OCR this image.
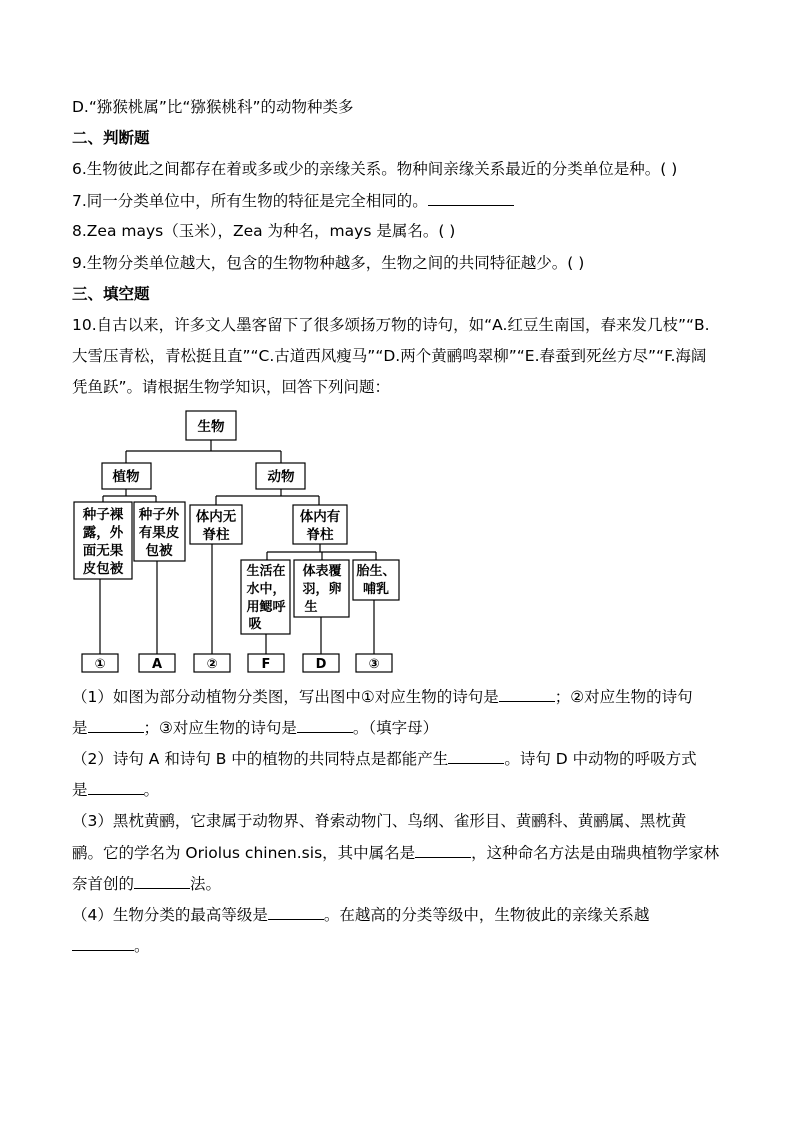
D.“猕猴桃属”比“猕猴桃科”的动物种类多
二、判断题
6.生物彼此之间都存在着或多或少的亲缘关系。物种间亲缘关系最近的分类单位是种。( )
7.同一分类单位中，所有生物的特征是完全相同的。
8.Zea mays（玉米），Zea 为种名，mays 是属名。( )
9.生物分类单位越大，包含的生物物种越多，生物之间的共同特征越少。( )
三、填空题
10.自古以来，许多文人墨客留下了很多颂扬万物的诗句，如“A.红豆生南国，春来发几枝”“B.
大雪压青松，青松挺且直”“C.古道西风瘦马”“D.两个黄鹂鸣翠柳”“E.春蚕到死丝方尽”“F.海阔
凭鱼跃”。请根据生物学知识，回答下列问题：
生物
植物	动物
种子裸
露，外
面无果
皮包被
种子外
有果皮
包被
体内无
脊柱
体内有
脊柱
生活在
水中，
用鳃呼
吸
体表覆
羽，卵
生
胎生、
哺乳
①	A	②	F	D	③
（1）如图为部分动植物分类图，写出图中①对应生物的诗句是	；②对应生物的诗句
是	；③对应生物的诗句是	。（填字母）
（2）诗句 A 和诗句 B 中的植物的共同特点是都能产生	。诗句 D 中动物的呼吸方式
是	。
（3）黑枕黄鹂，它隶属于动物界、脊索动物门、鸟纲、雀形目、黄鹂科、黄鹂属、黑枕黄
鹂。它的学名为 Oriolus chinen.sis，其中属名是	，这种命名方法是由瑞典植物学家林
奈首创的	法。
（4）生物分类的最高等级是	。在越高的分类等级中，生物彼此的亲缘关系越
。
